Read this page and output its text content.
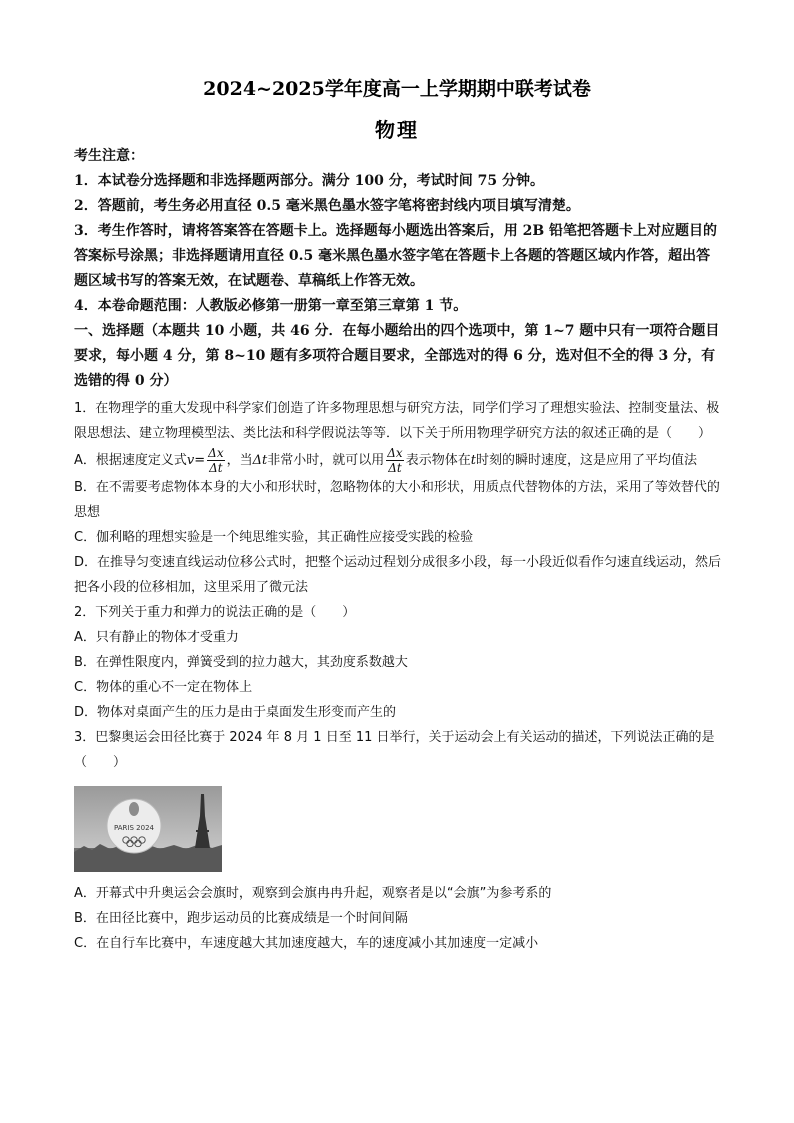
2024~2025学年度高一上学期期中联考试卷
物理

考生注意：

1．本试卷分选择题和非选择题两部分。满分 100 分，考试时间 75 分钟。

2．答题前，考生务必用直径 0.5 毫米黑色墨水签字笔将密封线内项目填写清楚。

3．考生作答时，请将答案答在答题卡上。选择题每小题选出答案后，用 2B 铅笔把答题卡上对应题目的答案标号涂黑；非选择题请用直径 0.5 毫米黑色墨水签字笔在答题卡上各题的答题区域内作答，超出答题区域书写的答案无效，在试题卷、草稿纸上作答无效。

4．本卷命题范围：人教版必修第一册第一章至第三章第 1 节。

一、选择题（本题共 10 小题，共 46 分．在每小题给出的四个选项中，第 1~7 题中只有一项符合题目要求，每小题 4 分，第 8~10 题有多项符合题目要求，全部选对的得 6 分，选对但不全的得 3 分，有选错的得 0 分）

1．在物理学的重大发现中科学家们创造了许多物理思想与研究方法，同学们学习了理想实验法、控制变量法、极限思想法、建立物理模型法、类比法和科学假说法等等．以下关于所用物理学研究方法的叙述正确的是（　　）

A．根据速度定义式$v= \frac{\Delta x}{\Delta t}$ ，当Δt非常小时，就可以用 $\frac{\Delta x}{\Delta t}$ 表示物体在t时刻的瞬时速度，这是应用了平均值法

B．在不需要考虑物体本身的大小和形状时，忽略物体的大小和形状，用质点代替物体的方法，采用了等效替代的思想

C．伽利略的理想实验是一个纯思维实验，其正确性应接受实践的检验

D．在推导匀变速直线运动位移公式时，把整个运动过程划分成很多小段，每一小段近似看作匀速直线运动，然后把各小段的位移相加，这里采用了微元法

2．下列关于重力和弹力的说法正确的是（　　）

A．只有静止的物体才受重力

B．在弹性限度内，弹簧受到的拉力越大，其劲度系数越大

C．物体的重心不一定在物体上

D．物体对桌面产生的压力是由于桌面发生形变而产生的

3．巴黎奥运会田径比赛于 2024 年 8 月 1 日至 11 日举行，关于运动会上有关运动的描述，下列说法正确的是（　　）

PARIS 2024

A．开幕式中升奥运会会旗时，观察到会旗冉冉升起，观察者是以“会旗”为参考系的

B．在田径比赛中，跑步运动员的比赛成绩是一个时间间隔

C．在自行车比赛中，车速度越大其加速度越大，车的速度减小其加速度一定减小
